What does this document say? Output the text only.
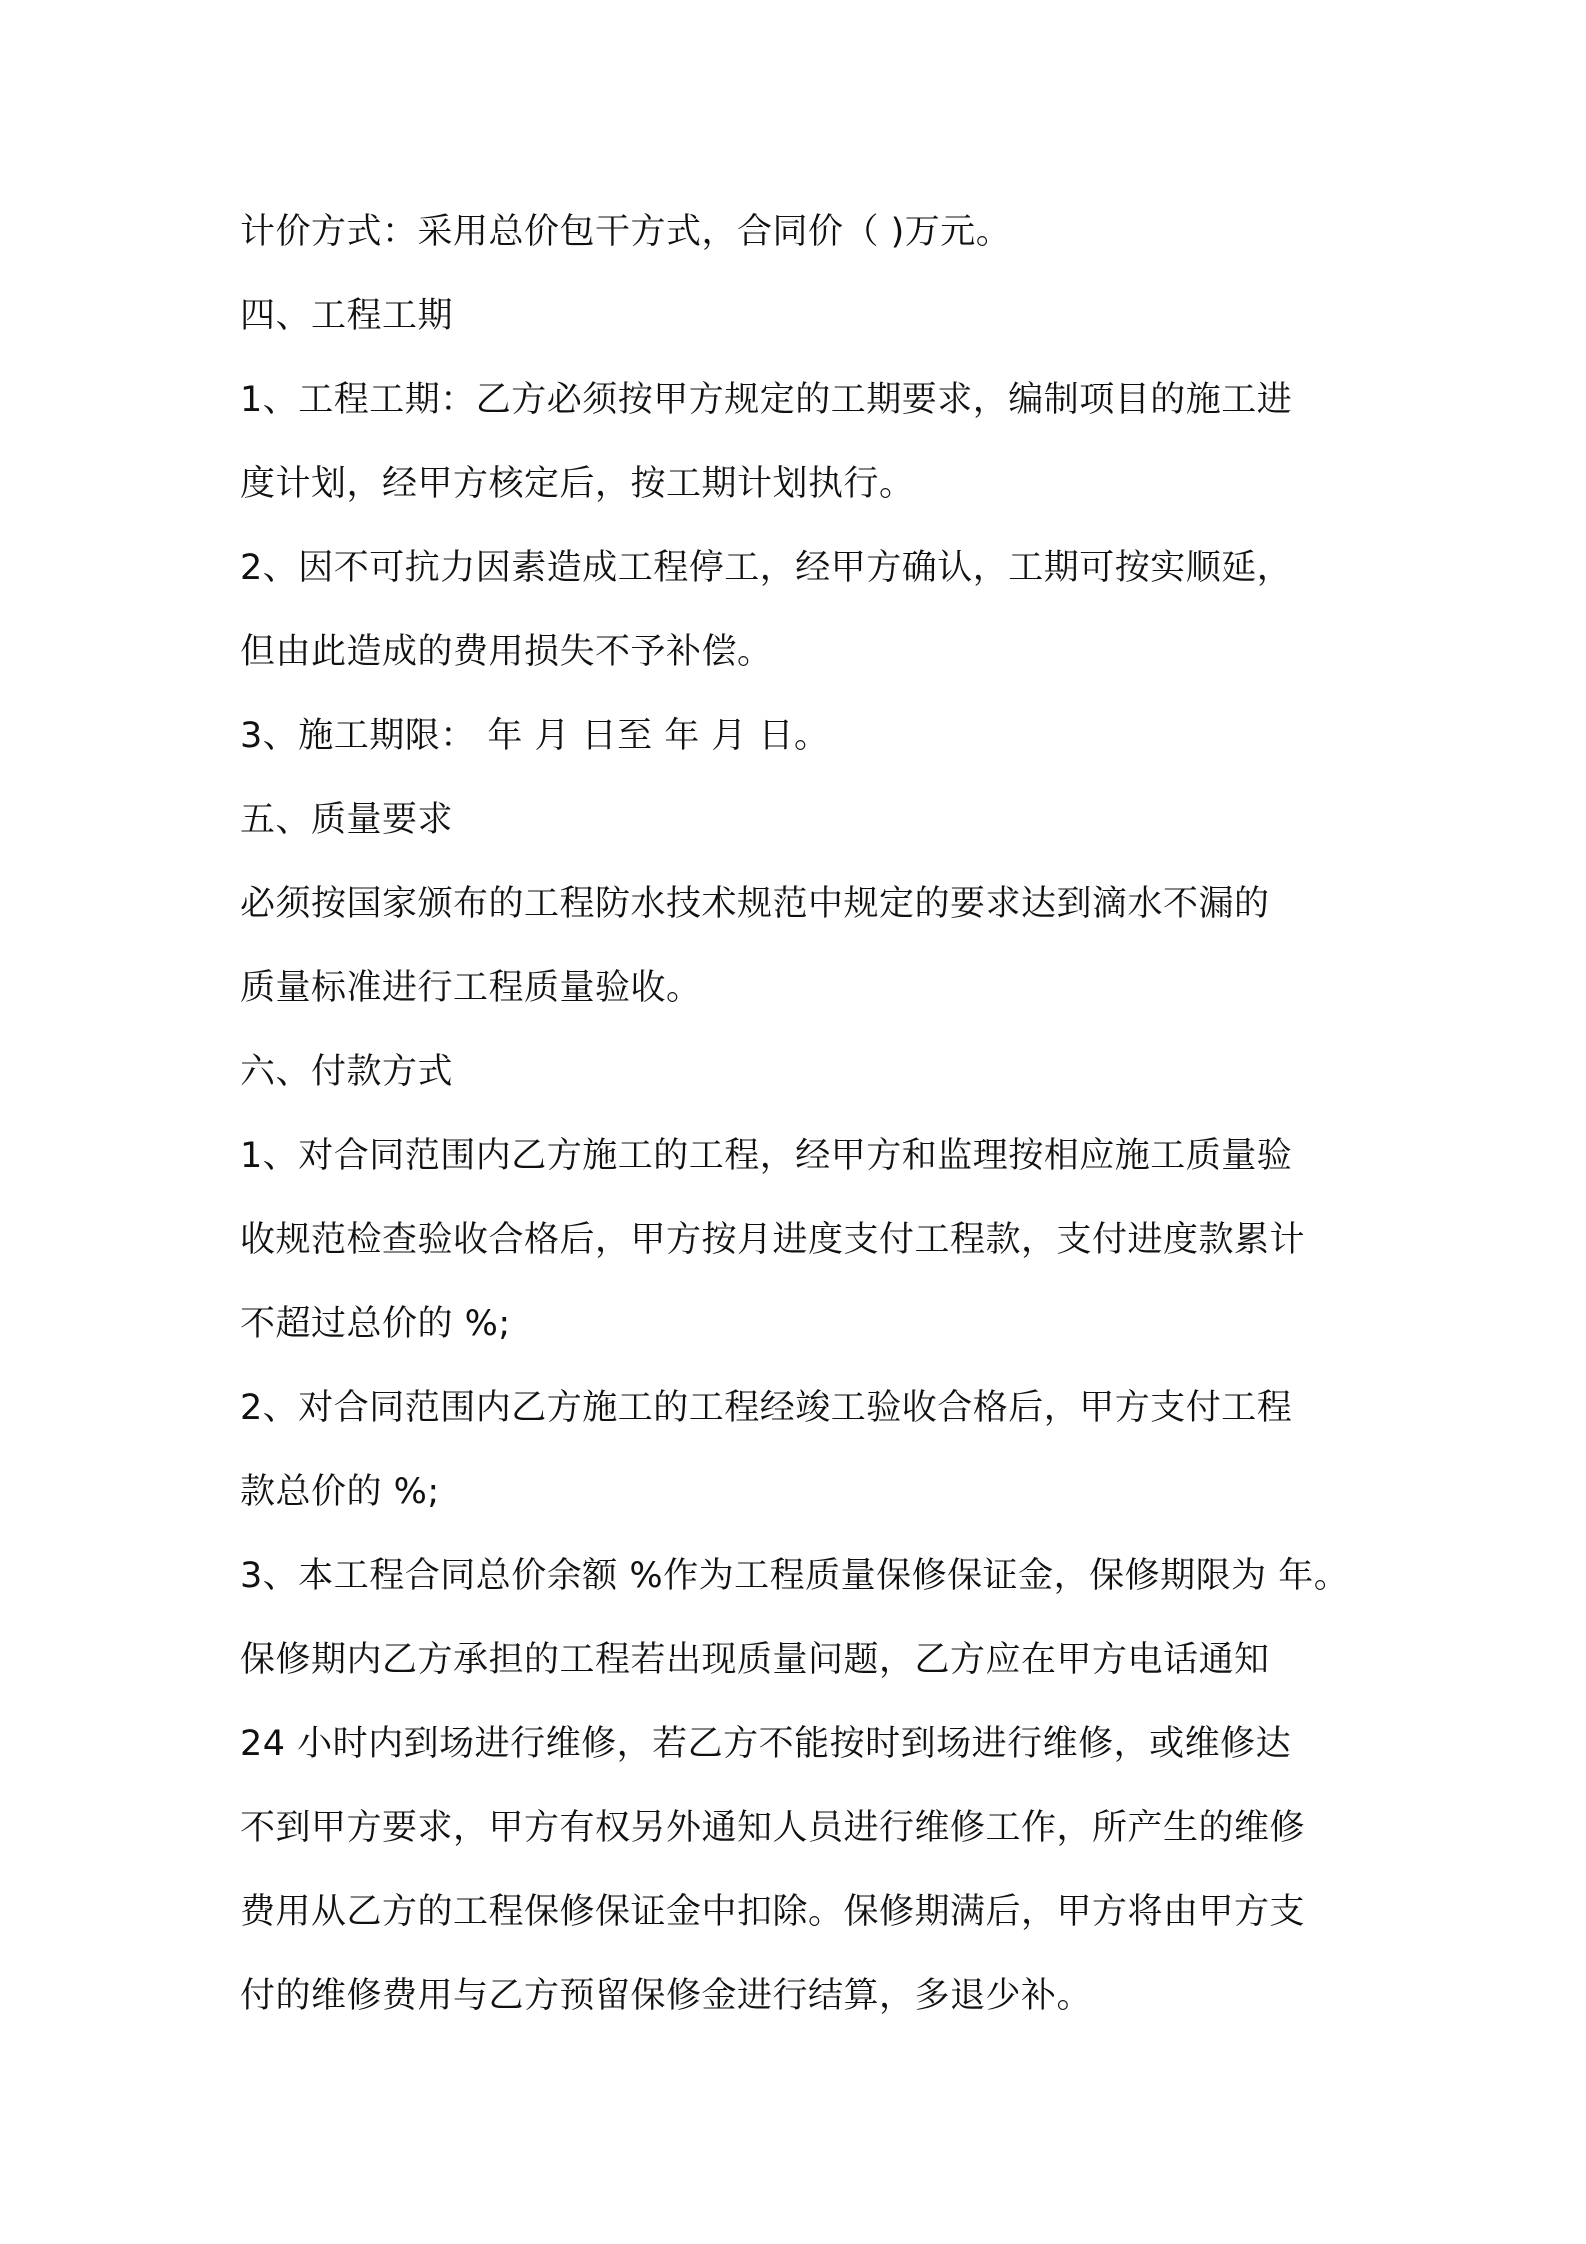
计价方式：采用总价包干方式，合同价（ )万元。
四、工程工期
1、工程工期：乙方必须按甲方规定的工期要求，编制项目的施工进
度计划，经甲方核定后，按工期计划执行。
2、因不可抗力因素造成工程停工，经甲方确认，工期可按实顺延，
但由此造成的费用损失不予补偿。
3、施工期限： 年 月 日至 年 月 日。
五、质量要求
必须按国家颁布的工程防水技术规范中规定的要求达到滴水不漏的
质量标准进行工程质量验收。
六、付款方式
1、对合同范围内乙方施工的工程，经甲方和监理按相应施工质量验
收规范检查验收合格后，甲方按月进度支付工程款，支付进度款累计
不超过总价的 %;
2、对合同范围内乙方施工的工程经竣工验收合格后，甲方支付工程
款总价的 %;
3、本工程合同总价余额 %作为工程质量保修保证金，保修期限为 年。
保修期内乙方承担的工程若出现质量问题，乙方应在甲方电话通知
24 小时内到场进行维修，若乙方不能按时到场进行维修，或维修达
不到甲方要求，甲方有权另外通知人员进行维修工作，所产生的维修
费用从乙方的工程保修保证金中扣除。保修期满后，甲方将由甲方支
付的维修费用与乙方预留保修金进行结算，多退少补。
